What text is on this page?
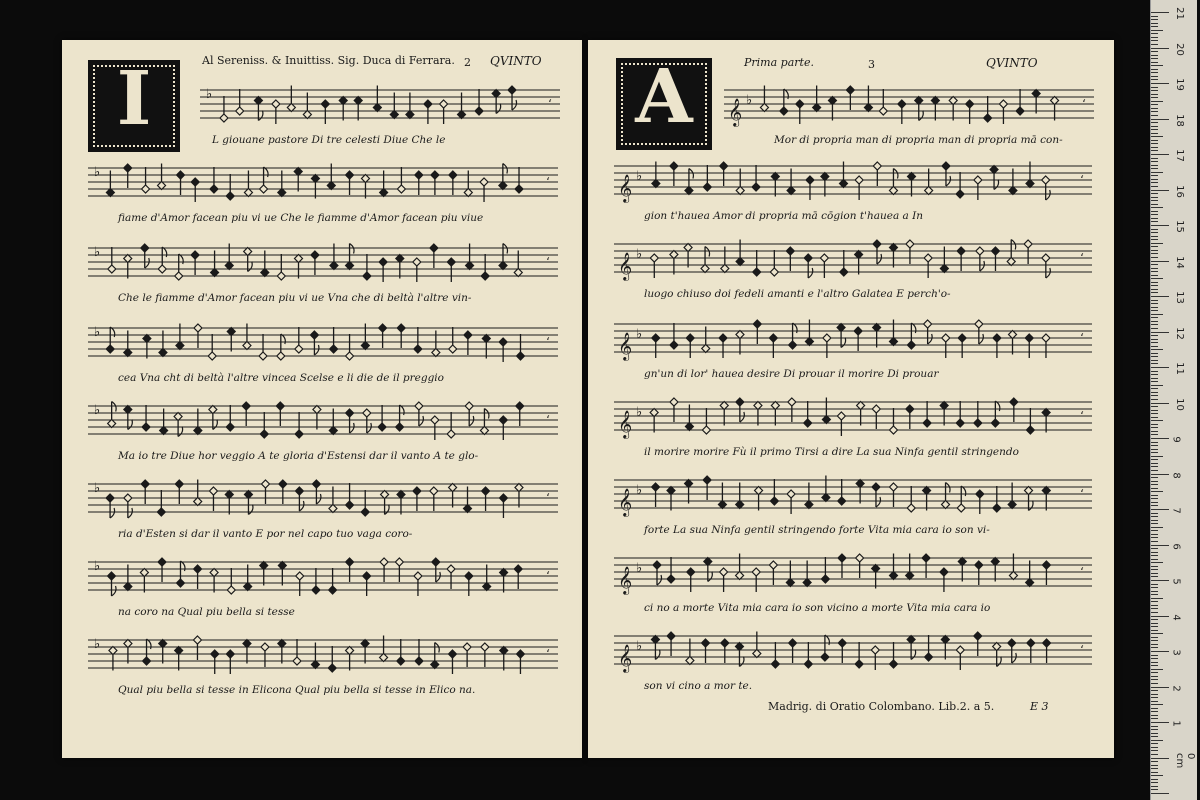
I	Al Sereniss. & Inuittiss. Sig. Duca di Ferrara. 2 QVINTO
♭
‘
L giouane pastore Di tre celesti Diue Che le
♭
‘
fiame d'Amor facean piu vi ue Che le fiamme d'Amor facean piu viue
♭
‘
Che le fiamme d'Amor facean piu vi ue Vna che di beltà l'altre vin-
♭
‘
cea Vna cht di beltà l'altre vincea Scelse e li die de il preggio
♭
‘
Ma io tre Diue hor veggio A te gloria d'Estensi dar il vanto A te glo-
♭
‘
ria d'Esten si dar il vanto E por nel capo tuo vaga coro-
♭
‘
na coro na Qual piu bella si tesse
♭
‘
Qual piu bella si tesse in Elicona Qual piu bella si tesse in Elico na.
A	Prima parte.	3	QVINTO
𝄞 ♭	‘
Mor di propria man di propria man di propria mā con-
𝄞 ♭	‘
gion t'hauea Amor di propria mā cōgion t'hauea a In
𝄞 ♭	‘
luogo chiuso doi fedeli amanti e l'altro Galatea E perch'o-
𝄞 ♭	‘
gn'un di lor' hauea desire Di prouar il morire Di prouar
𝄞 ♭	‘
il morire morire Fù il primo Tirsi a dire La sua Ninfa gentil stringendo
𝄞 ♭	‘
forte La sua Ninfa gentil stringendo forte Vita mia cara io son vi-
𝄞 ♭	‘
ci no a morte Vita mia cara io son vicino a morte Vita mia cara io
𝄞 ♭	‘
son vi cino a mor te.
Madrig. di Oratio Colombano. Lib.2. a 5.	E 3
21
20
19
18
17
16
15
14
13
12
11
10
9
8
7
6
5
4
3
2
1
0 cm
